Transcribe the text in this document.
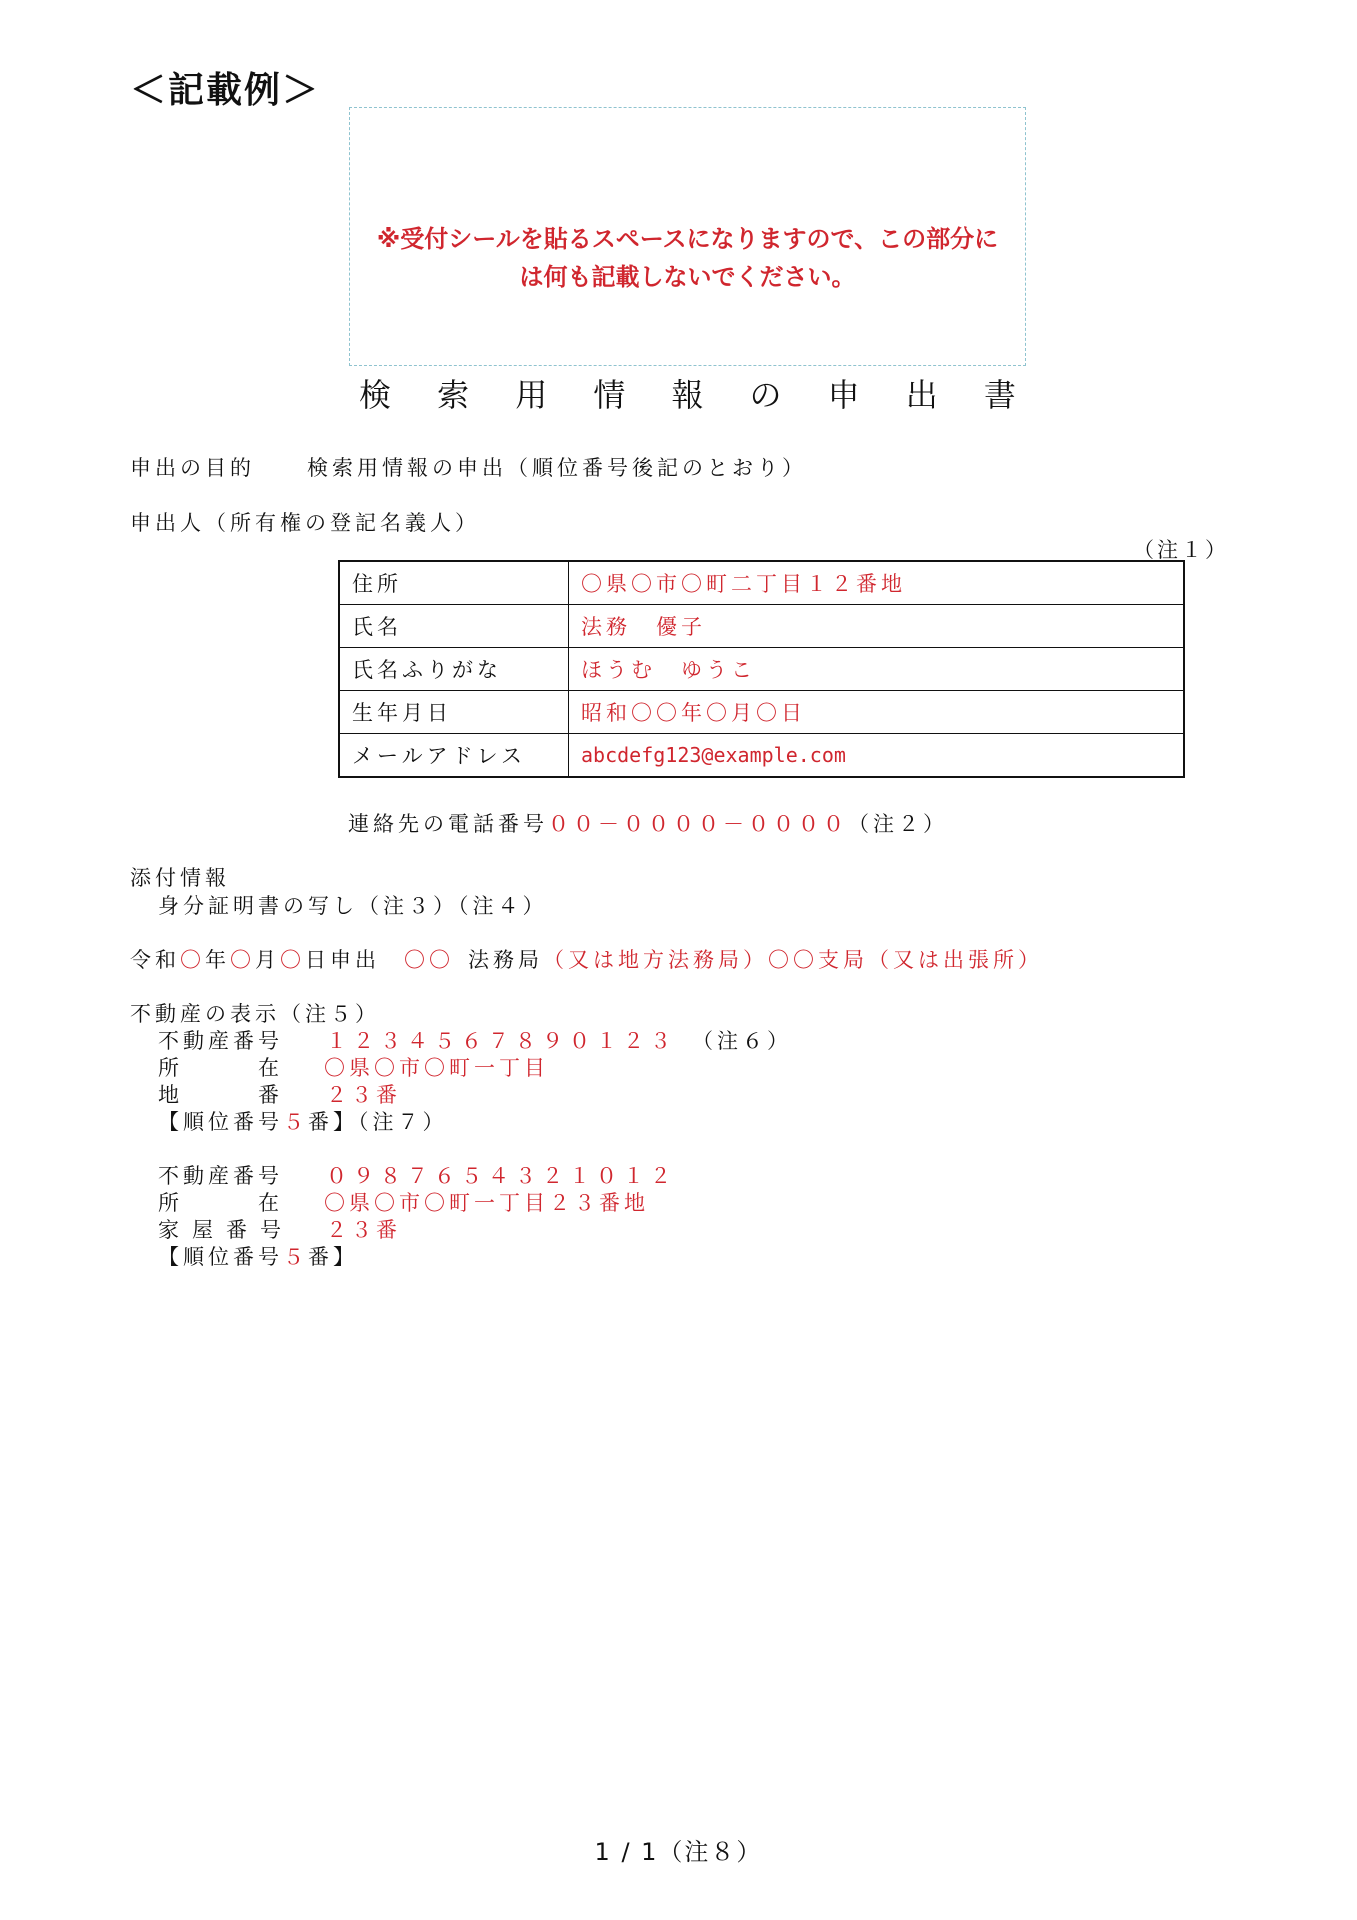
＜記載例＞
※受付シールを貼るスペースになりますので、この部分に
は何も記載しないでください。
検 索 用 情 報 の 申 出 書
申出の目的 検索用情報の申出（順位番号後記のとおり）
申出人（所有権の登記名義人）
（注１）
住所	〇県〇市〇町二丁目１２番地
氏名	法務　優子
氏名ふりがな	ほうむ　ゆうこ
生年月日	昭和〇〇年〇月〇日
メールアドレス	abcdefg123@example.com
連絡先の電話番号００－００００－００００（注２）
添付情報
身分証明書の写し（注３）（注４）
令和〇年〇月〇日申出 〇〇 法務局（又は地方法務局）〇〇支局（又は出張所）
不動産の表示（注５）
不動産番号 １２３４５６７８９０１２３ （注６）
所　　　在 〇県〇市〇町一丁目
地　　　番 ２３番
【順位番号５番】（注７）
不動産番号 ０９８７６５４３２１０１２
所　　　在 〇県〇市〇町一丁目２３番地
家屋番号 ２３番
【順位番号５番】
1 / 1（注８）
